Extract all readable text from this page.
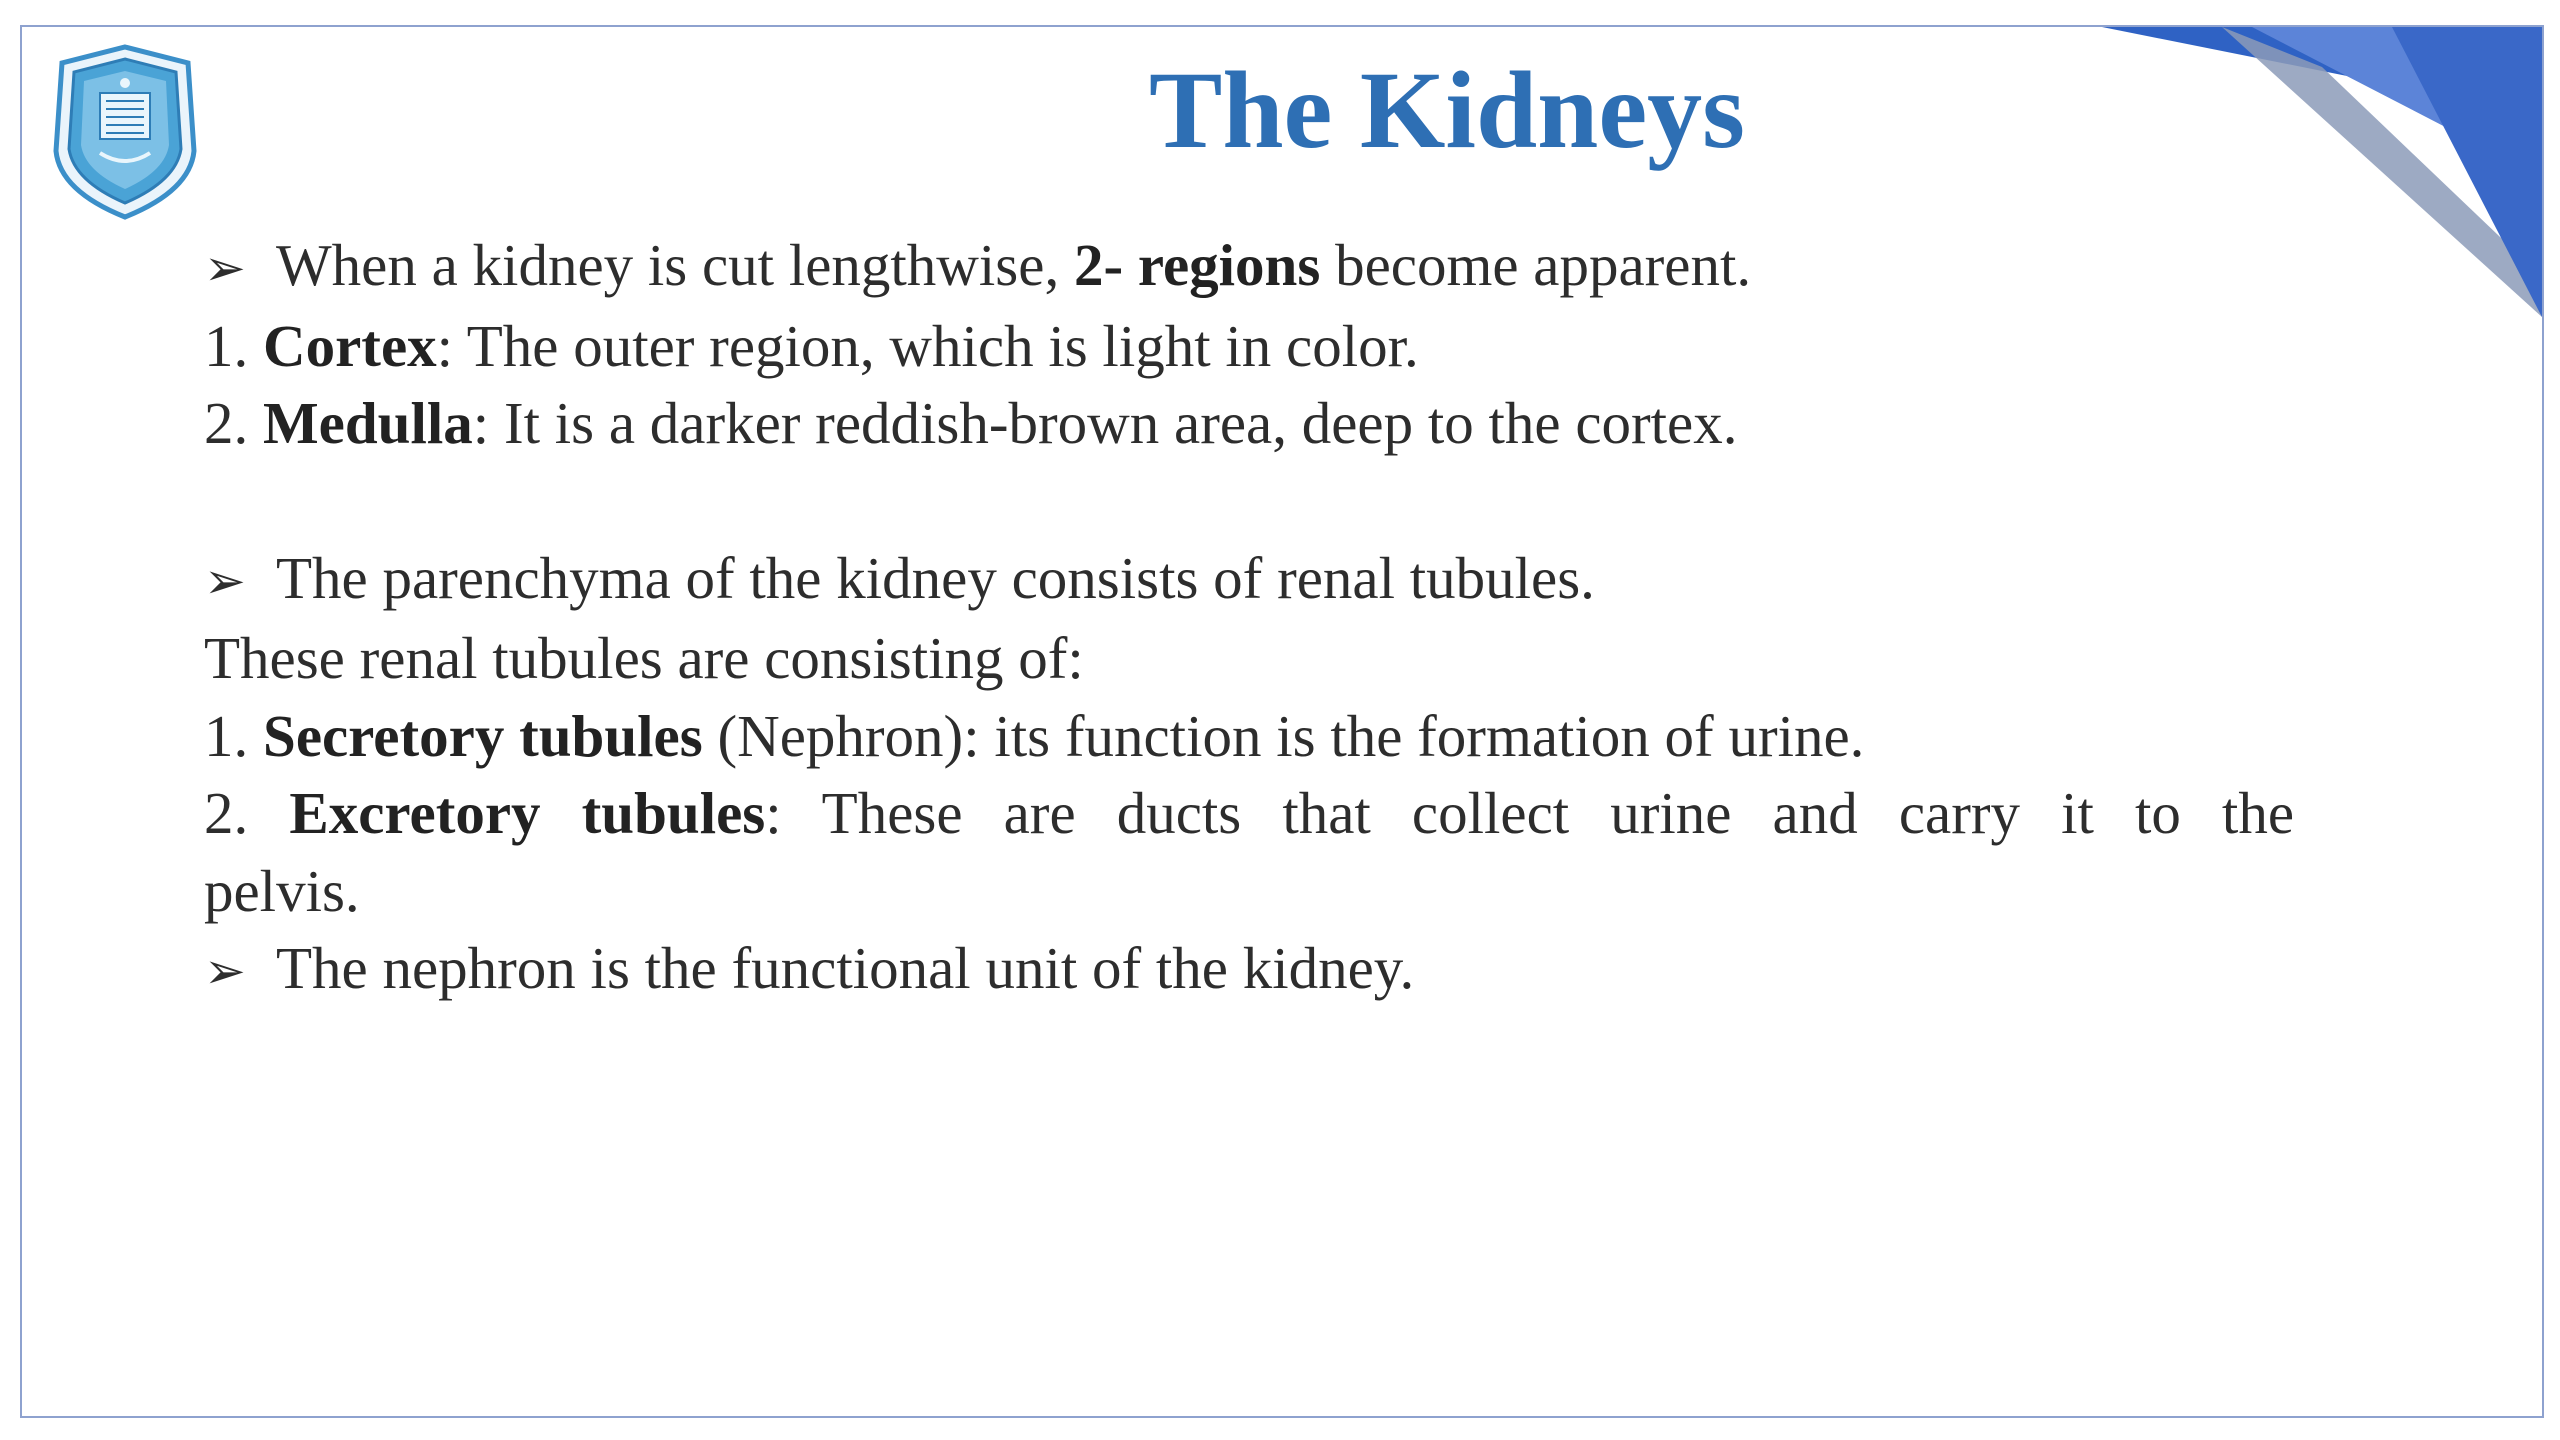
The Kidneys
➢ When a kidney is cut lengthwise, 2- regions become apparent.
1. Cortex: The outer region, which is light in color.
2. Medulla: It is a darker reddish-brown area, deep to the cortex.
➢ The parenchyma of the kidney consists of renal tubules.
These renal tubules are consisting of:
1. Secretory tubules (Nephron): its function is the formation of urine.
2. Excretory tubules: These are ducts that collect urine and carry it to the
pelvis.
➢ The nephron is the functional unit of the kidney.
